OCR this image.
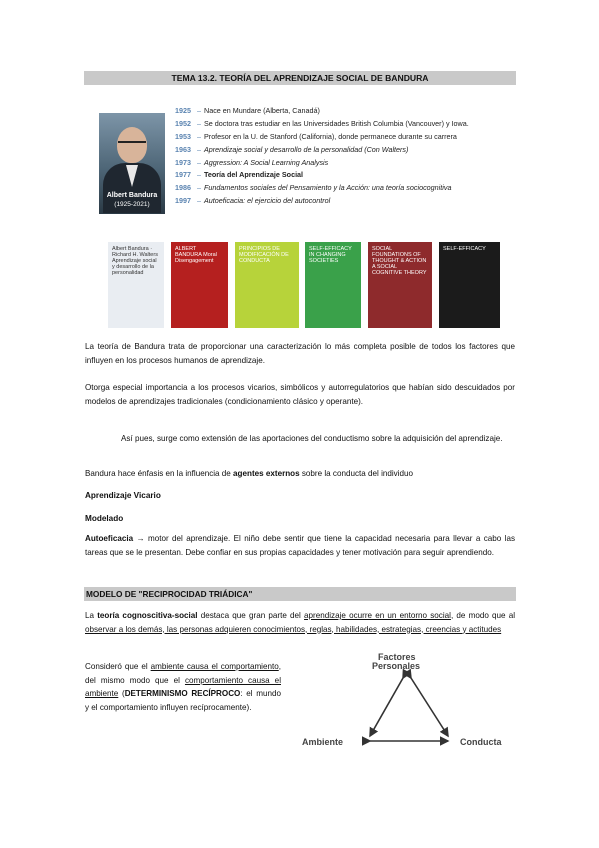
TEMA 13.2. TEORÍA DEL APRENDIZAJE SOCIAL DE BANDURA
Albert Bandura
(1925-2021)
1925 – Nace en Mundare (Alberta, Canadá)
1952 – Se doctora tras estudiar en las Universidades British Columbia (Vancouver) y Iowa.
1953 – Profesor en la U. de Stanford (California), donde permanece durante su carrera
1963 – Aprendizaje social y desarrollo de la personalidad (Con Walters)
1973 – Aggression: A Social Learning Analysis
1977 – Teoría del Aprendizaje Social
1986 – Fundamentos sociales del Pensamiento y la Acción: una teoría sociocognitiva
1997 – Autoeficacia: el ejercicio del autocontrol
Albert Bandura · Richard H. Walters Aprendizaje social y desarrollo de la personalidad
ALBERT BANDURA Moral Disengagement
PRINCIPIOS DE MODIFICACIÓN DE CONDUCTA
SELF-EFFICACY IN CHANGING SOCIETIES
SOCIAL FOUNDATIONS OF THOUGHT & ACTION A SOCIAL COGNITIVE THEORY
SELF-EFFICACY
La teoría de Bandura trata de proporcionar una caracterización lo más completa posible de todos los factores que influyen en los procesos humanos de aprendizaje.
Otorga especial importancia a los procesos vicarios, simbólicos y autorregulatorios que habían sido descuidados por modelos de aprendizajes tradicionales (condicionamiento clásico y operante).
Así pues, surge como extensión de las aportaciones del conductismo sobre la adquisición del aprendizaje.
Bandura hace énfasis en la influencia de agentes externos sobre la conducta del individuo
Aprendizaje Vicario
Modelado
Autoeficacia → motor del aprendizaje. El niño debe sentir que tiene la capacidad necesaria para llevar a cabo las tareas que se le presentan. Debe confiar en sus propias capacidades y tener motivación para seguir aprendiendo.
MODELO DE "RECIPROCIDAD TRIÁDICA"
La teoría cognoscitiva-social destaca que gran parte del aprendizaje ocurre en un entorno social, de modo que al observar a los demás, las personas adquieren conocimientos, reglas, habilidades, estrategias, creencias y actitudes
Consideró que el ambiente causa el comportamiento, del mismo modo que el comportamiento causa el ambiente (DETERMINISMO RECÍPROCO: el mundo y el comportamiento influyen recíprocamente).
Factores
Personales
Ambiente	Conducta
